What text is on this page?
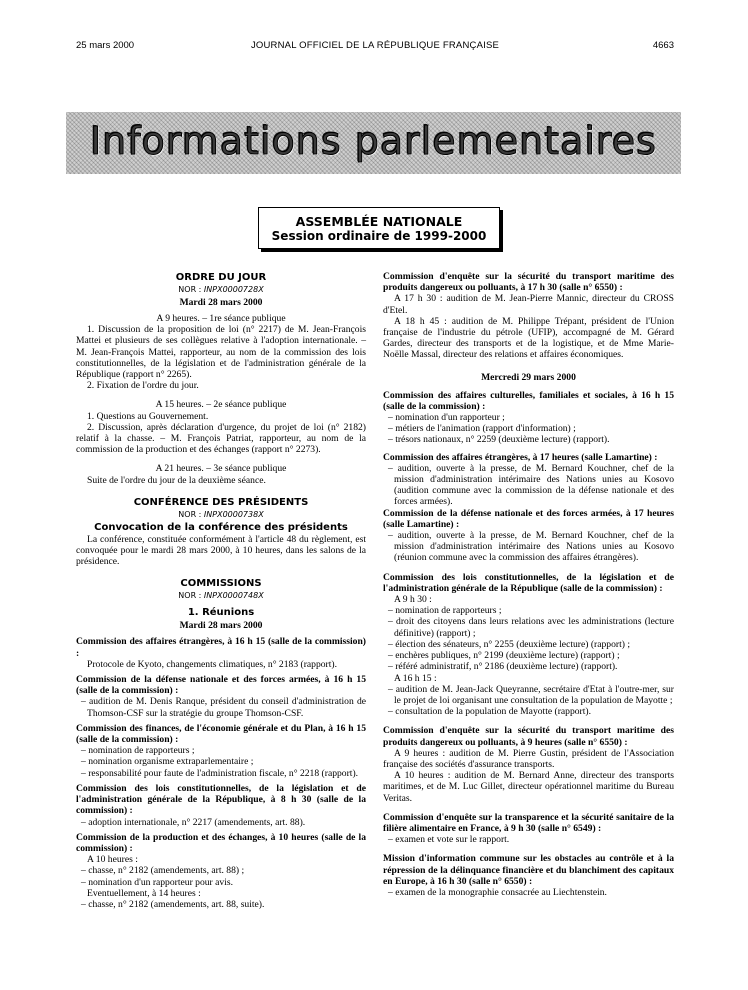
25 mars 2000	JOURNAL OFFICIEL DE LA RÉPUBLIQUE FRANÇAISE	4663
Informations parlementaires
ASSEMBLÉE NATIONALE
Session ordinaire de 1999-2000
ORDRE DU JOUR
NOR : INPX0000728X
Mardi 28 mars 2000

A 9 heures. – 1re séance publique

1. Discussion de la proposition de loi (n° 2217) de M. Jean-François Mattei et plusieurs de ses collègues relative à l'adoption internationale. – M. Jean-François Mattei, rapporteur, au nom de la commission des lois constitutionnelles, de la législation et de l'administration générale de la République (rapport n° 2265).

2. Fixation de l'ordre du jour.

A 15 heures. – 2e séance publique

1. Questions au Gouvernement.

2. Discussion, après déclaration d'urgence, du projet de loi (n° 2182) relatif à la chasse. – M. François Patriat, rapporteur, au nom de la commission de la production et des échanges (rapport n° 2273).

A 21 heures. – 3e séance publique

Suite de l'ordre du jour de la deuxième séance.

CONFÉRENCE DES PRÉSIDENTS
NOR : INPX0000738X
Convocation de la conférence des présidents

La conférence, constituée conformément à l'article 48 du règlement, est convoquée pour le mardi 28 mars 2000, à 10 heures, dans les salons de la présidence.

COMMISSIONS
NOR : INPX0000748X
1. Réunions
Mardi 28 mars 2000

Commission des affaires étrangères, à 16 h 15 (salle de la commission) :

Protocole de Kyoto, changements climatiques, n° 2183 (rapport).

Commission de la défense nationale et des forces armées, à 16 h 15 (salle de la commission) :

– audition de M. Denis Ranque, président du conseil d'administration de Thomson-CSF sur la stratégie du groupe Thomson-CSF.

Commission des finances, de l'économie générale et du Plan, à 16 h 15 (salle de la commission) :

– nomination de rapporteurs ;

– nomination organisme extraparlementaire ;

– responsabilité pour faute de l'administration fiscale, n° 2218 (rapport).

Commission des lois constitutionnelles, de la législation et de l'administration générale de la République, à 8 h 30 (salle de la commission) :

– adoption internationale, n° 2217 (amendements, art. 88).

Commission de la production et des échanges, à 10 heures (salle de la commission) :

A 10 heures :

– chasse, n° 2182 (amendements, art. 88) ;

– nomination d'un rapporteur pour avis.

Eventuellement, à 14 heures :

– chasse, n° 2182 (amendements, art. 88, suite).

Commission d'enquête sur la sécurité du transport maritime des produits dangereux ou polluants, à 17 h 30 (salle n° 6550) :

A 17 h 30 : audition de M. Jean-Pierre Mannic, directeur du CROSS d'Etel.

A 18 h 45 : audition de M. Philippe Trépant, président de l'Union française de l'industrie du pétrole (UFIP), accompagné de M. Gérard Gardes, directeur des transports et de la logistique, et de Mme Marie-Noëlle Massal, directeur des relations et affaires économiques.

Mercredi 29 mars 2000

Commission des affaires culturelles, familiales et sociales, à 16 h 15 (salle de la commission) :

– nomination d'un rapporteur ;

– métiers de l'animation (rapport d'information) ;

– trésors nationaux, n° 2259 (deuxième lecture) (rapport).

Commission des affaires étrangères, à 17 heures (salle Lamartine) :

– audition, ouverte à la presse, de M. Bernard Kouchner, chef de la mission d'administration intérimaire des Nations unies au Kosovo (audition commune avec la commission de la défense nationale et des forces armées).

Commission de la défense nationale et des forces armées, à 17 heures (salle Lamartine) :

– audition, ouverte à la presse, de M. Bernard Kouchner, chef de la mission d'administration intérimaire des Nations unies au Kosovo (réunion commune avec la commission des affaires étrangères).

Commission des lois constitutionnelles, de la législation et de l'administration générale de la République (salle de la commission) :

A 9 h 30 :

– nomination de rapporteurs ;

– droit des citoyens dans leurs relations avec les administrations (lecture définitive) (rapport) ;

– élection des sénateurs, n° 2255 (deuxième lecture) (rapport) ;

– enchères publiques, n° 2199 (deuxième lecture) (rapport) ;

– référé administratif, n° 2186 (deuxième lecture) (rapport).

A 16 h 15 :

– audition de M. Jean-Jack Queyranne, secrétaire d'Etat à l'outre-mer, sur le projet de loi organisant une consultation de la population de Mayotte ;

– consultation de la population de Mayotte (rapport).

Commission d'enquête sur la sécurité du transport maritime des produits dangereux ou polluants, à 9 heures (salle n° 6550) :

A 9 heures : audition de M. Pierre Gustin, président de l'Association française des sociétés d'assurance transports.

A 10 heures : audition de M. Bernard Anne, directeur des transports maritimes, et de M. Luc Gillet, directeur opérationnel maritime du Bureau Veritas.

Commission d'enquête sur la transparence et la sécurité sanitaire de la filière alimentaire en France, à 9 h 30 (salle n° 6549) :

– examen et vote sur le rapport.

Mission d'information commune sur les obstacles au contrôle et à la répression de la délinquance financière et du blanchiment des capitaux en Europe, à 16 h 30 (salle n° 6550) :

– examen de la monographie consacrée au Liechtenstein.
